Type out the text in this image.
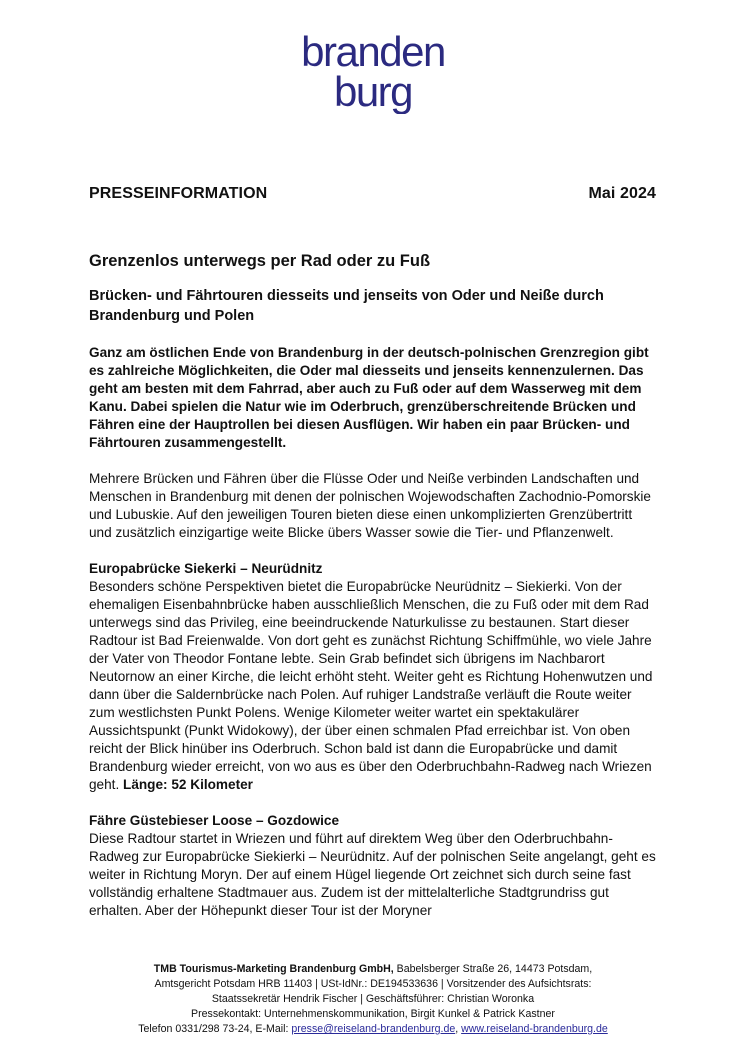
branden
burg
PRESSEINFORMATION	Mai 2024
Grenzenlos unterwegs per Rad oder zu Fuß
Brücken- und Fährtouren diesseits und jenseits von Oder und Neiße durch Brandenburg und Polen

Ganz am östlichen Ende von Brandenburg in der deutsch-polnischen Grenzregion gibt es zahlreiche Möglichkeiten, die Oder mal diesseits und jenseits kennenzulernen. Das geht am besten mit dem Fahrrad, aber auch zu Fuß oder auf dem Wasserweg mit dem Kanu. Dabei spielen die Natur wie im Oderbruch, grenzüberschreitende Brücken und Fähren eine der Hauptrollen bei diesen Ausflügen. Wir haben ein paar Brücken- und Fährtouren zusammengestellt.

Mehrere Brücken und Fähren über die Flüsse Oder und Neiße verbinden Landschaften und Menschen in Brandenburg mit denen der polnischen Wojewodschaften Zachodnio-Pomorskie und Lubuskie. Auf den jeweiligen Touren bieten diese einen unkomplizierten Grenzübertritt und zusätzlich einzigartige weite Blicke übers Wasser sowie die Tier- und Pflanzenwelt.

Europabrücke Siekerki – Neurüdnitz

Besonders schöne Perspektiven bietet die Europabrücke Neurüdnitz – Siekierki. Von der ehemaligen Eisenbahnbrücke haben ausschließlich Menschen, die zu Fuß oder mit dem Rad unterwegs sind das Privileg, eine beeindruckende Naturkulisse zu bestaunen. Start dieser Radtour ist Bad Freienwalde. Von dort geht es zunächst Richtung Schiffmühle, wo viele Jahre der Vater von Theodor Fontane lebte. Sein Grab befindet sich übrigens im Nachbarort Neutornow an einer Kirche, die leicht erhöht steht. Weiter geht es Richtung Hohenwutzen und dann über die Saldernbrücke nach Polen. Auf ruhiger Landstraße verläuft die Route weiter zum westlichsten Punkt Polens. Wenige Kilometer weiter wartet ein spektakulärer Aussichtspunkt (Punkt Widokowy), der über einen schmalen Pfad erreichbar ist. Von oben reicht der Blick hinüber ins Oderbruch. Schon bald ist dann die Europabrücke und damit Brandenburg wieder erreicht, von wo aus es über den Oderbruchbahn-Radweg nach Wriezen geht. Länge: 52 Kilometer

Fähre Güstebieser Loose – Gozdowice

Diese Radtour startet in Wriezen und führt auf direktem Weg über den Oderbruchbahn-Radweg zur Europabrücke Siekierki – Neurüdnitz. Auf der polnischen Seite angelangt, geht es weiter in Richtung Moryn. Der auf einem Hügel liegende Ort zeichnet sich durch seine fast vollständig erhaltene Stadtmauer aus. Zudem ist der mittelalterliche Stadtgrundriss gut erhalten. Aber der Höhepunkt dieser Tour ist der Moryner

TMB Tourismus-Marketing Brandenburg GmbH, Babelsberger Straße 26, 14473 Potsdam,
Amtsgericht Potsdam HRB 11403 | USt-IdNr.: DE194533636 | Vorsitzender des Aufsichtsrats:
Staatssekretär Hendrik Fischer | Geschäftsführer: Christian Woronka
Pressekontakt: Unternehmenskommunikation, Birgit Kunkel & Patrick Kastner
Telefon 0331/298 73-24, E-Mail: presse@reiseland-brandenburg.de, www.reiseland-brandenburg.de
